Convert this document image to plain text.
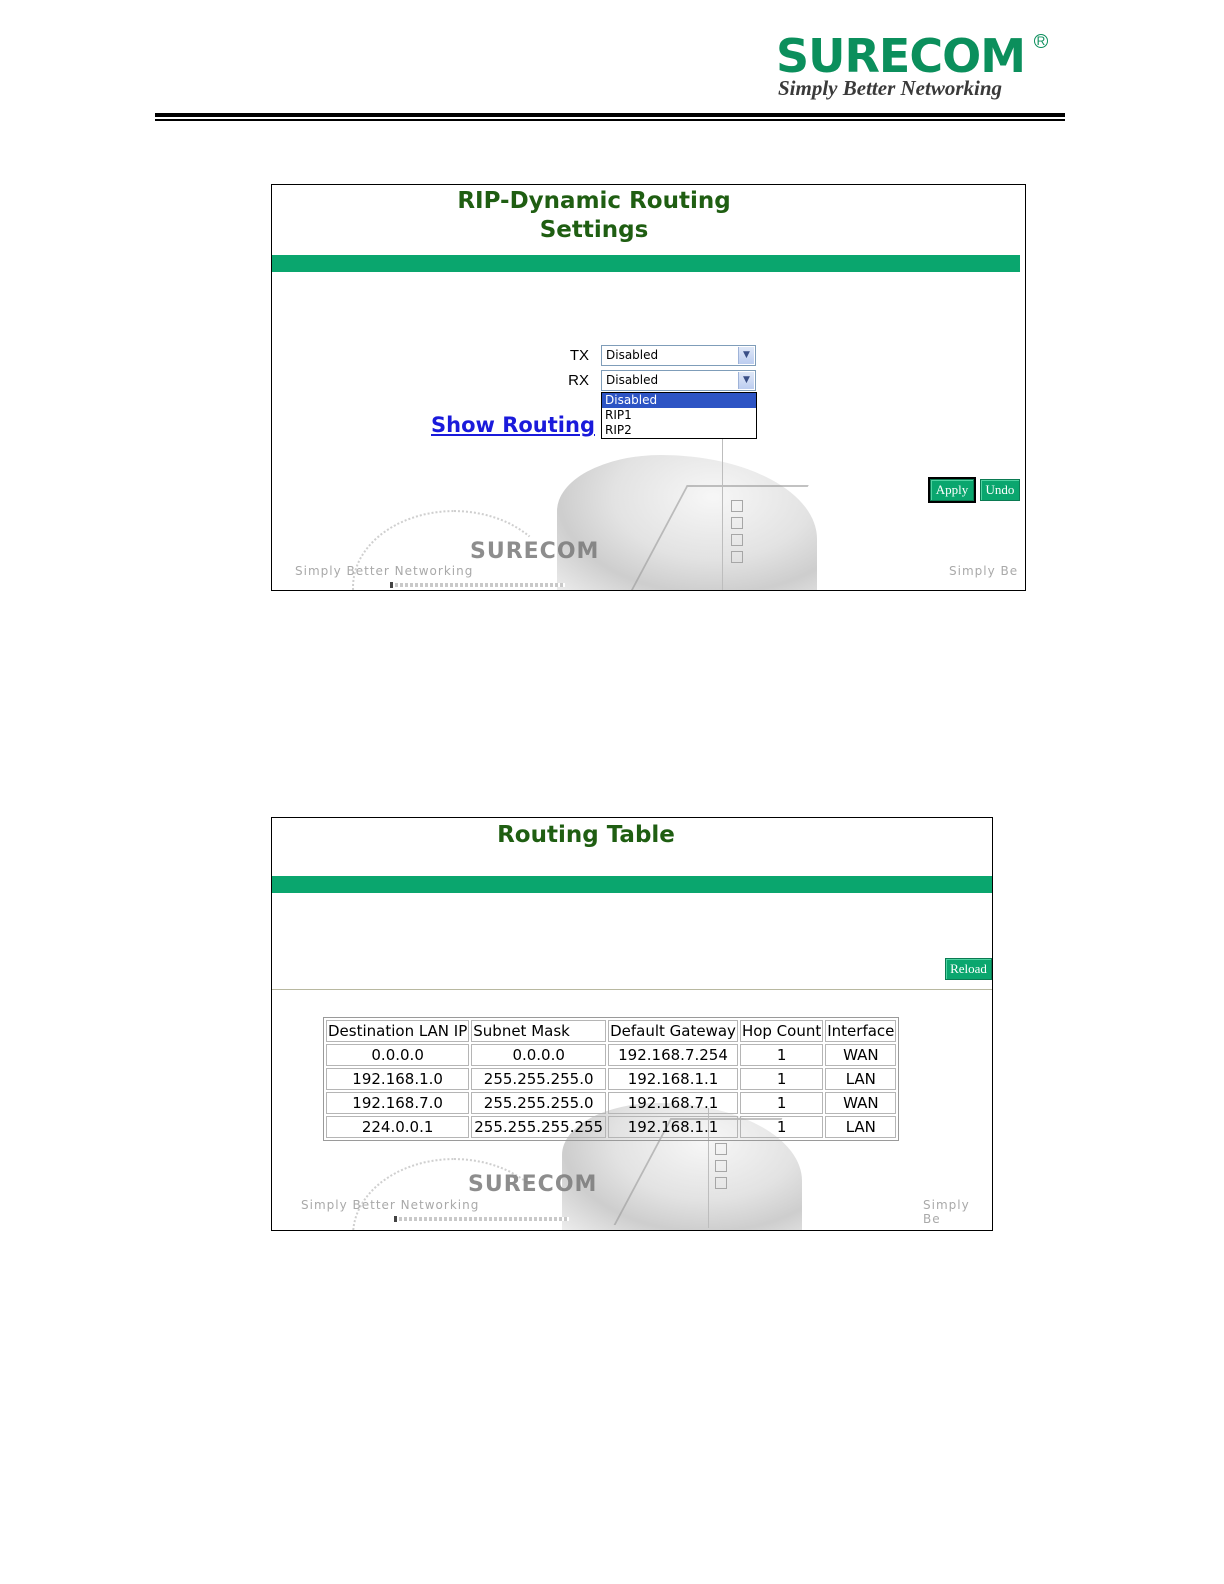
SURECOM R
Simply Better Networking
RIP-Dynamic Routing
Settings
SURECOM
Simply Better Networking	Simply Be
TX Disabled	▼
RX Disabled	▼
Show Routing
Disabled
RIP1
RIP2
Apply	Undo
Routing Table
Reload
SURECOM
Simply Better Networking	Simply Be
Destination LAN IP	Subnet Mask	Default Gateway	Hop Count	Interface
0.0.0.0	0.0.0.0	192.168.7.254	1	WAN
192.168.1.0	255.255.255.0	192.168.1.1	1	LAN
192.168.7.0	255.255.255.0	192.168.7.1	1	WAN
224.0.0.1	255.255.255.255	192.168.1.1	1	LAN
